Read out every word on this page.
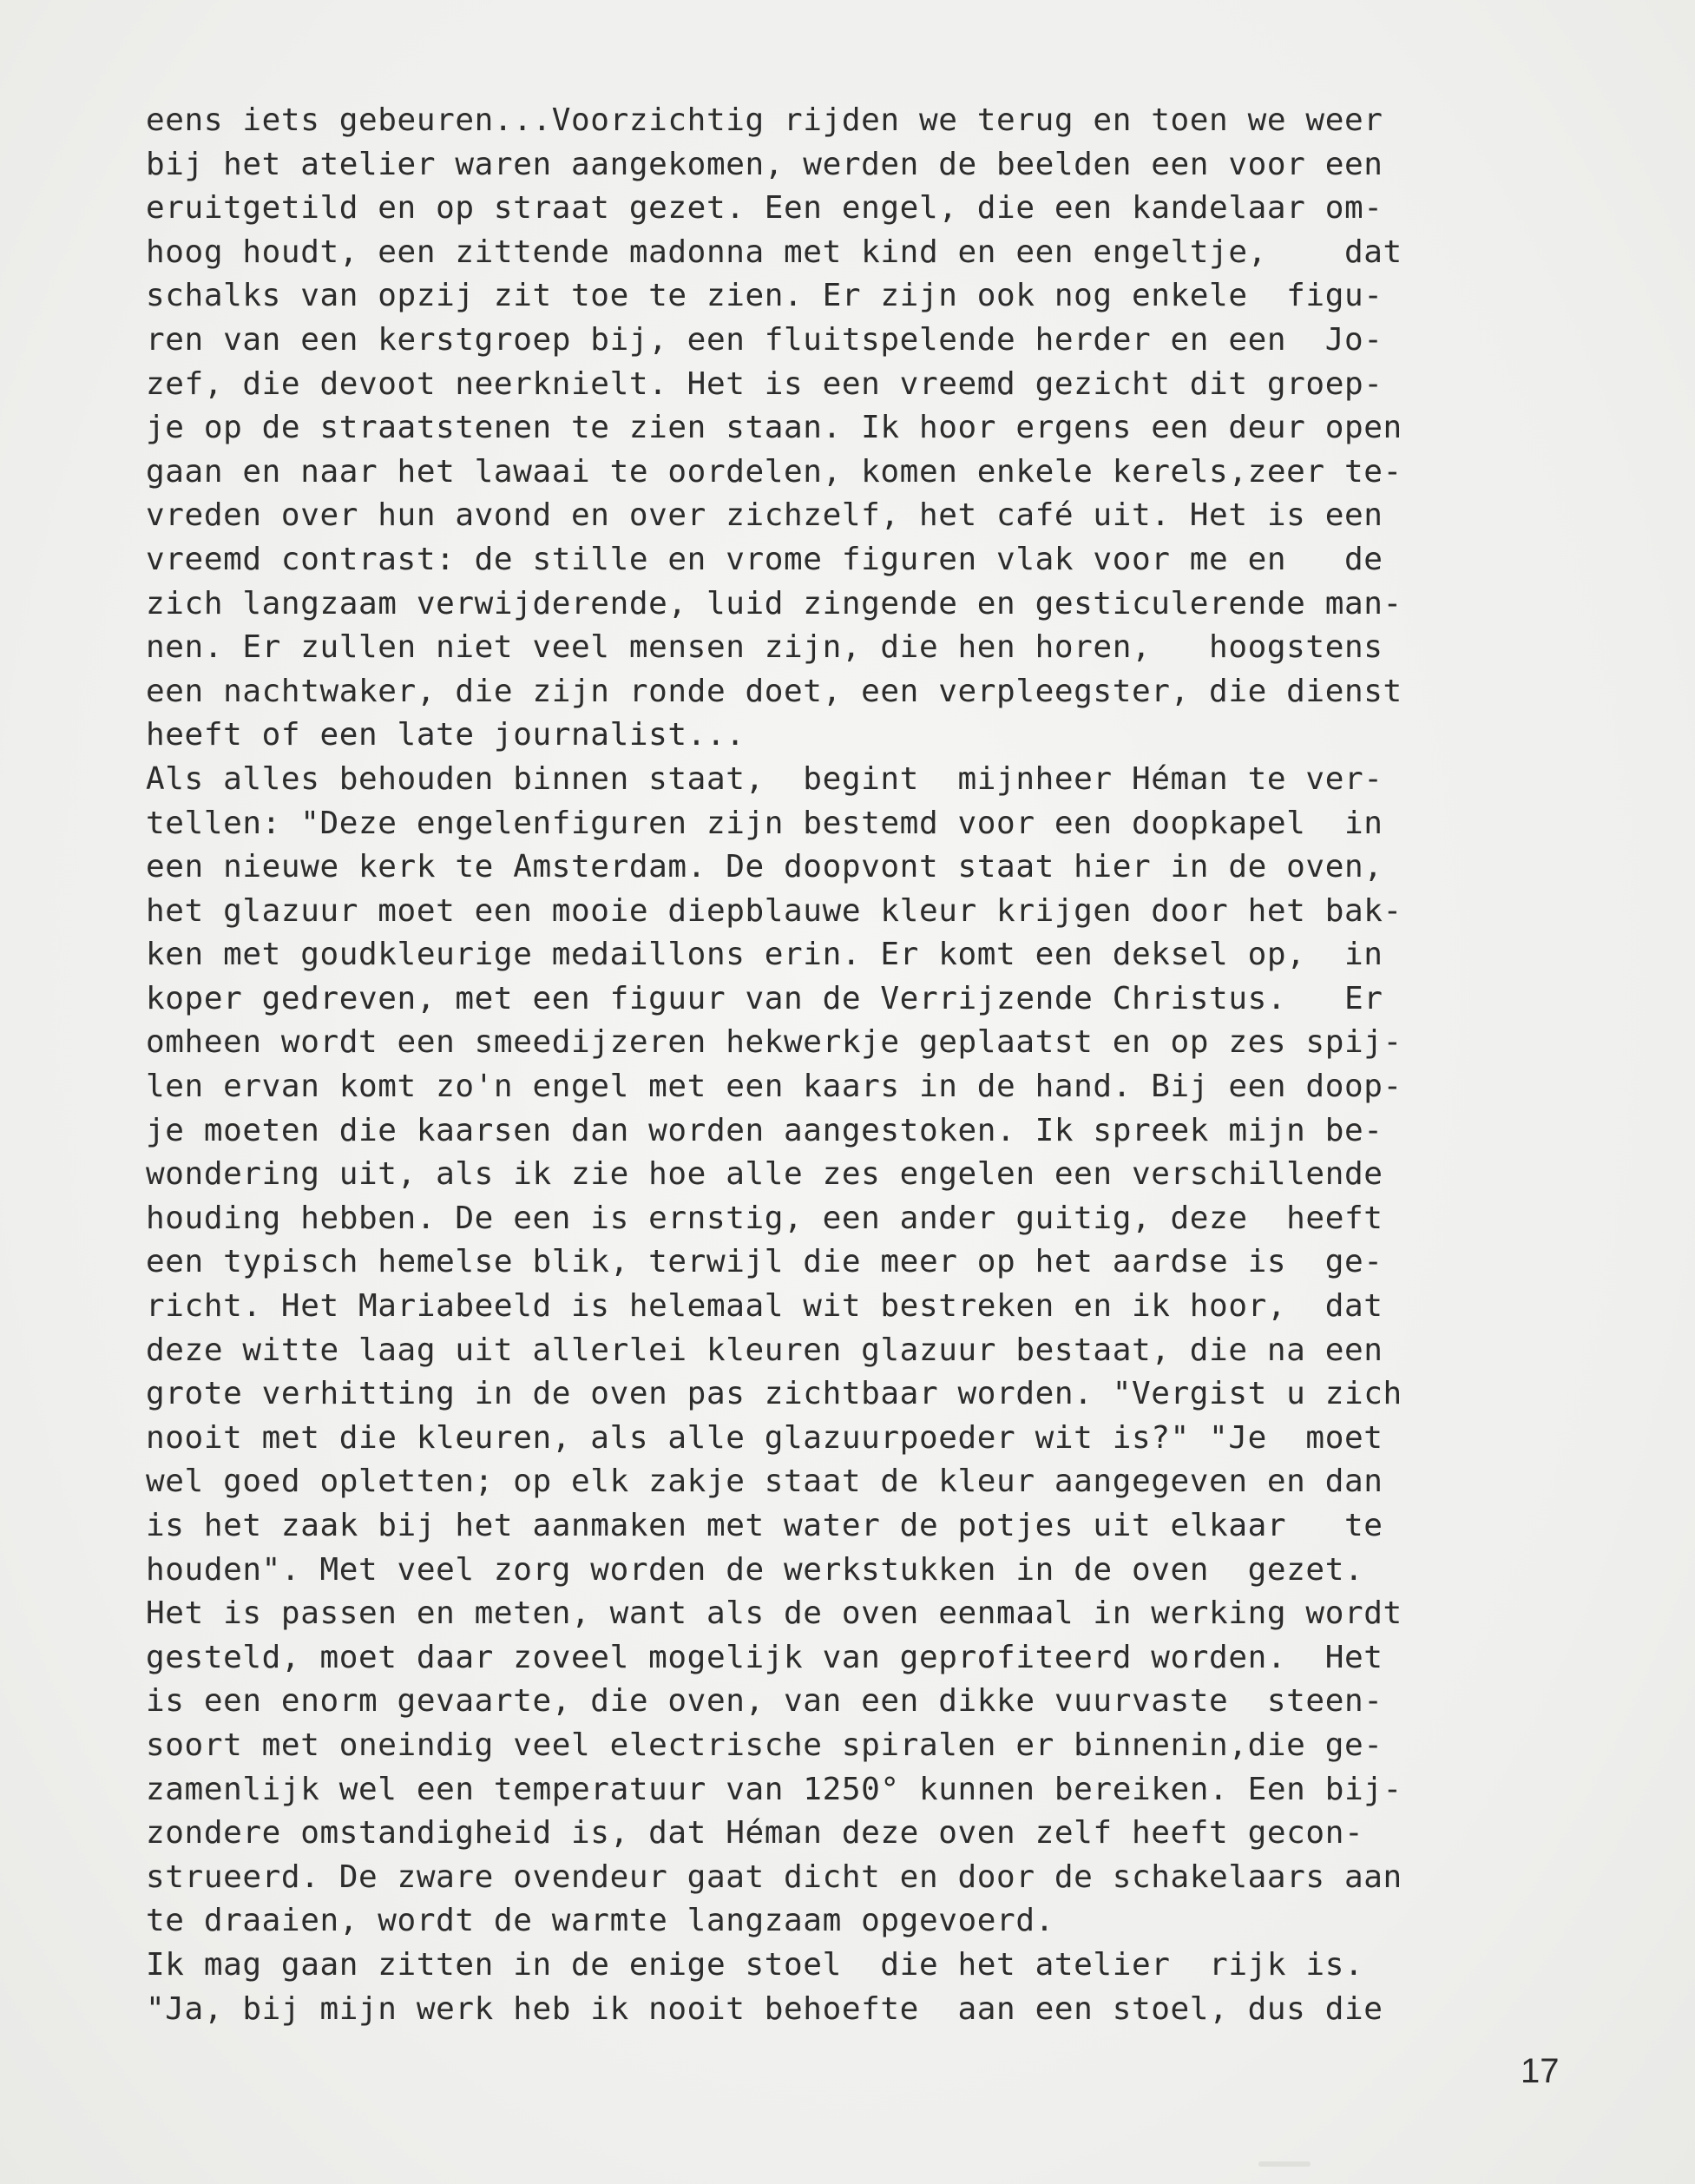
eens iets gebeuren...Voorzichtig rijden we terug en toen we weer
bij het atelier waren aangekomen, werden de beelden een voor een
eruitgetild en op straat gezet. Een engel, die een kandelaar om-
hoog houdt, een zittende madonna met kind en een engeltje,    dat
schalks van opzij zit toe te zien. Er zijn ook nog enkele  figu-
ren van een kerstgroep bij, een fluitspelende herder en een  Jo-
zef, die devoot neerknielt. Het is een vreemd gezicht dit groep-
je op de straatstenen te zien staan. Ik hoor ergens een deur open
gaan en naar het lawaai te oordelen, komen enkele kerels,zeer te-
vreden over hun avond en over zichzelf, het café uit. Het is een
vreemd contrast: de stille en vrome figuren vlak voor me en   de
zich langzaam verwijderende, luid zingende en gesticulerende man-
nen. Er zullen niet veel mensen zijn, die hen horen,   hoogstens
een nachtwaker, die zijn ronde doet, een verpleegster, die dienst
heeft of een late journalist...
Als alles behouden binnen staat,  begint  mijnheer Héman te ver-
tellen: "Deze engelenfiguren zijn bestemd voor een doopkapel  in
een nieuwe kerk te Amsterdam. De doopvont staat hier in de oven,
het glazuur moet een mooie diepblauwe kleur krijgen door het bak-
ken met goudkleurige medaillons erin. Er komt een deksel op,  in
koper gedreven, met een figuur van de Verrijzende Christus.   Er
omheen wordt een smeedijzeren hekwerkje geplaatst en op zes spij-
len ervan komt zo'n engel met een kaars in de hand. Bij een doop-
je moeten die kaarsen dan worden aangestoken. Ik spreek mijn be-
wondering uit, als ik zie hoe alle zes engelen een verschillende
houding hebben. De een is ernstig, een ander guitig, deze  heeft
een typisch hemelse blik, terwijl die meer op het aardse is  ge-
richt. Het Mariabeeld is helemaal wit bestreken en ik hoor,  dat
deze witte laag uit allerlei kleuren glazuur bestaat, die na een
grote verhitting in de oven pas zichtbaar worden. "Vergist u zich
nooit met die kleuren, als alle glazuurpoeder wit is?" "Je  moet
wel goed opletten; op elk zakje staat de kleur aangegeven en dan
is het zaak bij het aanmaken met water de potjes uit elkaar   te
houden". Met veel zorg worden de werkstukken in de oven  gezet.
Het is passen en meten, want als de oven eenmaal in werking wordt
gesteld, moet daar zoveel mogelijk van geprofiteerd worden.  Het
is een enorm gevaarte, die oven, van een dikke vuurvaste  steen-
soort met oneindig veel electrische spiralen er binnenin,die ge-
zamenlijk wel een temperatuur van 1250° kunnen bereiken. Een bij-
zondere omstandigheid is, dat Héman deze oven zelf heeft gecon-
strueerd. De zware ovendeur gaat dicht en door de schakelaars aan
te draaien, wordt de warmte langzaam opgevoerd.
Ik mag gaan zitten in de enige stoel  die het atelier  rijk is.
"Ja, bij mijn werk heb ik nooit behoefte  aan een stoel, dus die
17
